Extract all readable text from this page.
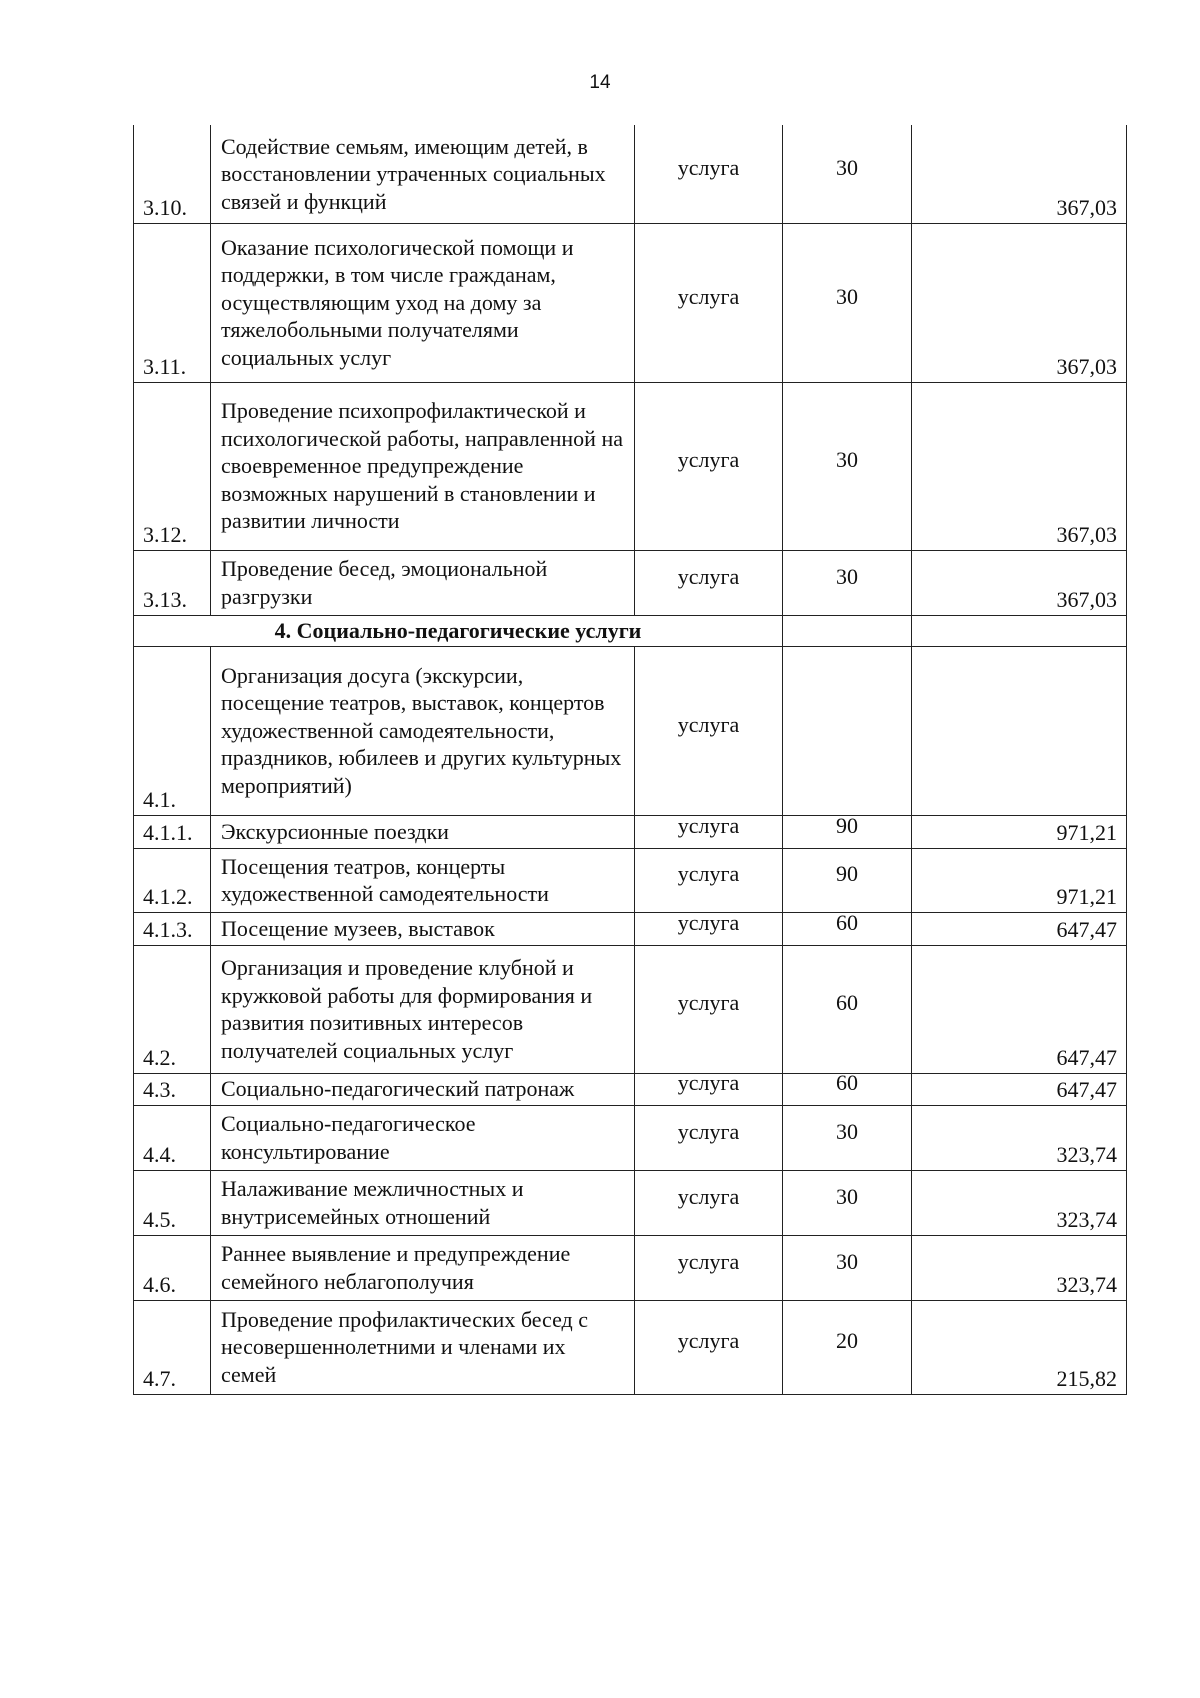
14
3.10.	Содействие семьям, имеющим детей, в восстановлении утраченных социальных связей и функций	услуга	30	367,03
3.11.	Оказание психологической помощи и поддержки, в том числе гражданам, осуществляющим уход на дому за тяжелобольными получателями социальных услуг	услуга	30	367,03
3.12.	Проведение психопрофилактической и психологической работы, направленной на своевременное предупреждение возможных нарушений в становлении и развитии личности	услуга	30	367,03
3.13.	Проведение бесед, эмоциональной разгрузки	услуга	30	367,03
4. Социально-педагогические услуги				
4.1.	Организация досуга (экскурсии, посещение театров, выставок, концертов художественной самодеятельности, праздников, юбилеев и других культурных мероприятий)	услуга		
4.1.1.	Экскурсионные поездки	услуга	90	971,21
4.1.2.	Посещения театров, концерты художественной самодеятельности	услуга	90	971,21
4.1.3.	Посещение музеев, выставок	услуга	60	647,47
4.2.	Организация и проведение клубной и кружковой работы для формирования и развития позитивных интересов получателей социальных услуг	услуга	60	647,47
4.3.	Социально-педагогический патронаж	услуга	60	647,47
4.4.	Социально-педагогическое консультирование	услуга	30	323,74
4.5.	Налаживание межличностных и внутрисемейных отношений	услуга	30	323,74
4.6.	Раннее выявление и предупреждение семейного неблагополучия	услуга	30	323,74
4.7.	Проведение профилактических бесед с несовершеннолетними и членами их семей	услуга	20	215,82
